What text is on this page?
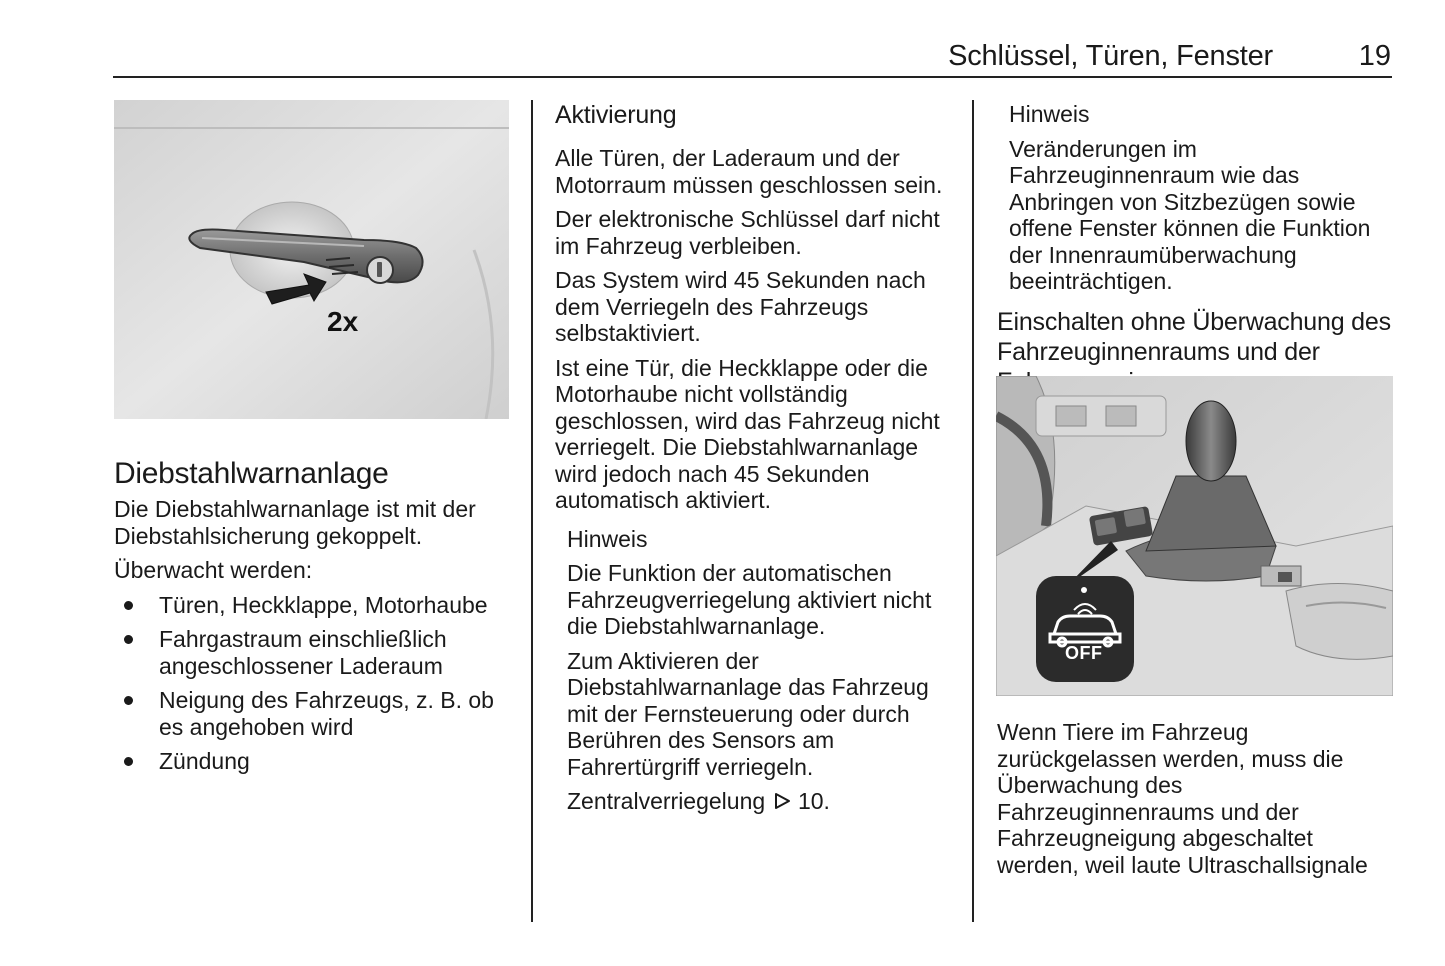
Schlüssel, Türen, Fenster	19
2x
Diebstahlwarnanlage

Die Diebstahlwarnanlage ist mit der Diebstahlsicherung gekoppelt.

Überwacht werden:

Türen, Heckklappe, Motorhaube
Fahrgastraum einschließlich angeschlossener Laderaum
Neigung des Fahrzeugs, z. B. ob es angehoben wird
Zündung
Aktivierung

Alle Türen, der Laderaum und der Motorraum müssen geschlossen sein.

Der elektronische Schlüssel darf nicht im Fahrzeug verbleiben.

Das System wird 45 Sekunden nach dem Verriegeln des Fahrzeugs selbstaktiviert.

Ist eine Tür, die Heckklappe oder die Motorhaube nicht vollständig geschlossen, wird das Fahrzeug nicht verriegelt. Die Diebstahlwarnanlage wird jedoch nach 45 Sekunden automatisch aktiviert.

Hinweis

Die Funktion der automatischen Fahrzeugverriegelung aktiviert nicht die Diebstahlwarnanlage.

Zum Aktivieren der Diebstahlwarnanlage das Fahrzeug mit der Fernsteuerung oder durch Berühren des Sensors am Fahrertürgriff verriegeln.

Zentralverriegelung 10.

Hinweis

Veränderungen im Fahrzeuginnenraum wie das Anbringen von Sitzbezügen sowie offene Fenster können die Funktion der Innenraumüberwachung beeinträchtigen.

Einschalten ohne Überwachung des Fahrzeuginnenraums und der
OFF

Wenn Tiere im Fahrzeug zurückgelassen werden, muss die Überwachung des Fahrzeuginnenraums und der Fahrzeugneigung abgeschaltet werden, weil laute Ultraschallsignale
